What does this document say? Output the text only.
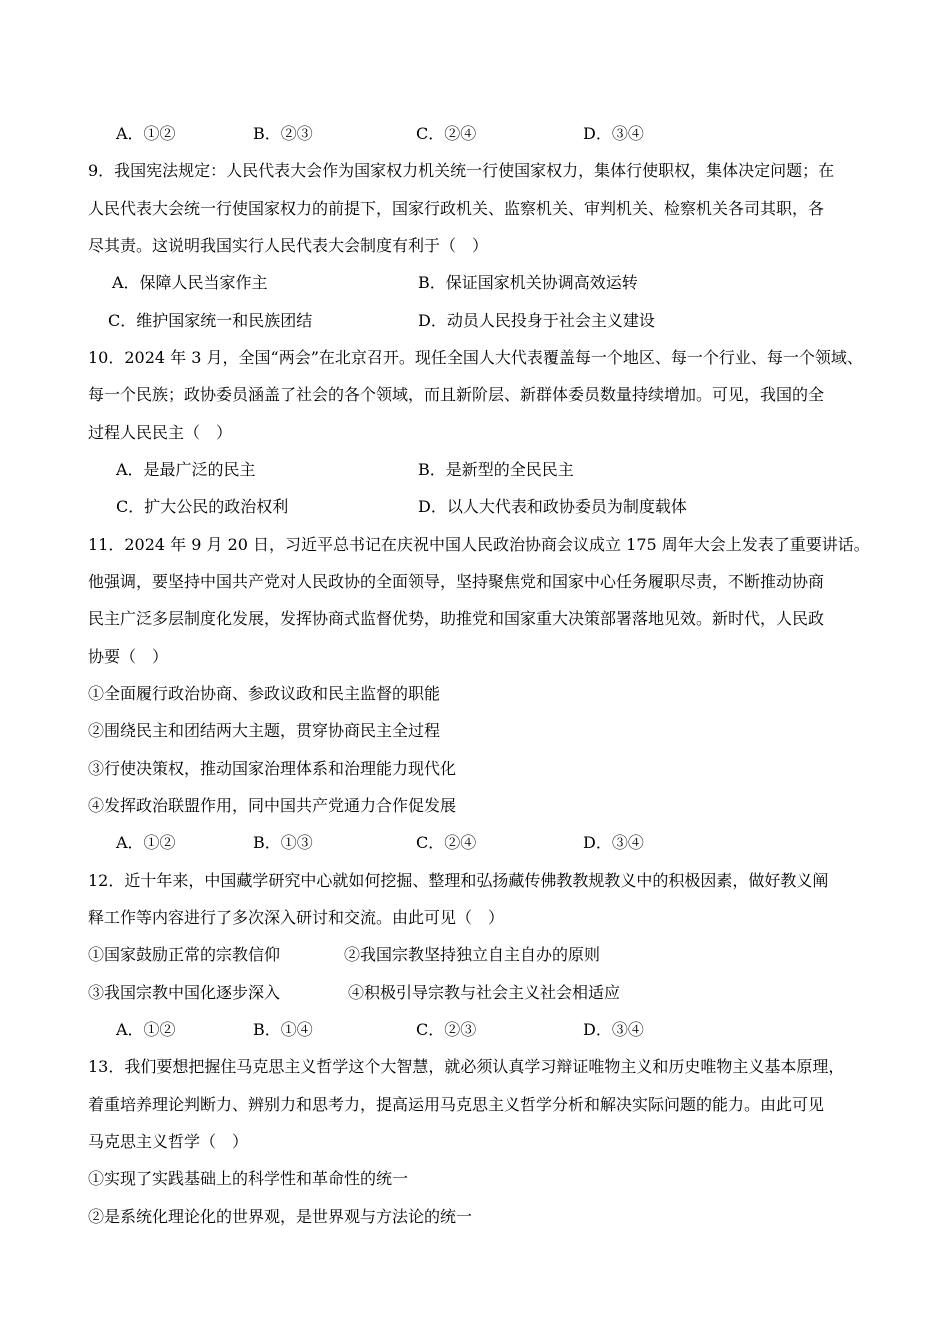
A．①②	B．②③	C．②④	D．③④
9．我国宪法规定：人民代表大会作为国家权力机关统一行使国家权力，集体行使职权，集体决定问题；在
人民代表大会统一行使国家权力的前提下，国家行政机关、监察机关、审判机关、检察机关各司其职，各
尽其责。这说明我国实行人民代表大会制度有利于（　）
A．保障人民当家作主	B．保证国家机关协调高效运转
C．维护国家统一和民族团结	D．动员人民投身于社会主义建设
10．2024 年 3 月，全国“两会”在北京召开。现任全国人大代表覆盖每一个地区、每一个行业、每一个领域、
每一个民族；政协委员涵盖了社会的各个领域，而且新阶层、新群体委员数量持续增加。可见，我国的全
过程人民民主（　）
A．是最广泛的民主	B．是新型的全民民主
C．扩大公民的政治权利	D．以人大代表和政协委员为制度载体
11．2024 年 9 月 20 日，习近平总书记在庆祝中国人民政治协商会议成立 175 周年大会上发表了重要讲话。
他强调，要坚持中国共产党对人民政协的全面领导，坚持聚焦党和国家中心任务履职尽责，不断推动协商
民主广泛多层制度化发展，发挥协商式监督优势，助推党和国家重大决策部署落地见效。新时代，人民政
协要（　）
①全面履行政治协商、参政议政和民主监督的职能
②围绕民主和团结两大主题，贯穿协商民主全过程
③行使决策权，推动国家治理体系和治理能力现代化
④发挥政治联盟作用，同中国共产党通力合作促发展
A．①②	B．①③	C．②④	D．③④
12．近十年来，中国藏学研究中心就如何挖掘、整理和弘扬藏传佛教教规教义中的积极因素，做好教义阐
释工作等内容进行了多次深入研讨和交流。由此可见（　）
①国家鼓励正常的宗教信仰	②我国宗教坚持独立自主自办的原则
③我国宗教中国化逐步深入	④积极引导宗教与社会主义社会相适应
A．①②	B．①④	C．②③	D．③④
13．我们要想把握住马克思主义哲学这个大智慧，就必须认真学习辩证唯物主义和历史唯物主义基本原理，
着重培养理论判断力、辨别力和思考力，提高运用马克思主义哲学分析和解决实际问题的能力。由此可见
马克思主义哲学（　）
①实现了实践基础上的科学性和革命性的统一
②是系统化理论化的世界观，是世界观与方法论的统一
